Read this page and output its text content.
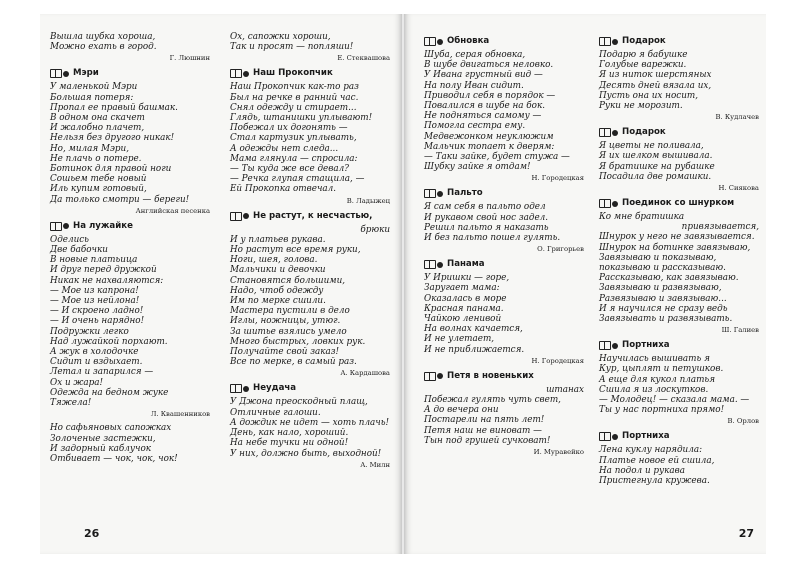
Вышла шубка хороша,
Можно ехать в город.
Г. Люшнин
Мэри
У маленькой Мэри
Большая потеря:
Пропал ее правый башмак.
В одном она скачет
И жалобно плачет,
Нельзя без другого никак!
Но, милая Мэри,
Не плачь о потере.
Ботинок для правой ноги
Сошьем тебе новый
Иль купим готовый,
Да только смотри — береги!
Английская песенка
На лужайке
Оделись
Две бабочки
В новые платьица
И друг перед дружкой
Никак не нахваляются:
— Мое из капрона!
— Мое из нейлона!
— И скроено ладно!
— И очень нарядно!
Подружки легко
Над лужайкой порхают.
А жук в холодочке
Сидит и вздыхает.
Летал и запарился —
Ох и жара!
Одежда на бедном жуке
Тяжела!
Л. Квашенников
Но сафьяновых сапожках
Золоченые застежки,
И задорный каблучок
Отбивает — чок, чок, чок!
Ох, сапожки хороши,
Так и просят — попляши!
Е. Стеквашова
Наш Прокопчик
Наш Прокопчик как-то раз
Был на речке в ранний час.
Снял одежду и стирает...
Глядь, штанишки уплывают!
Побежал их догонять —
Стал картузик уплывать,
А одежды нет следа...
Мама глянула — спросила:
— Ты куда же все девал?
— Речка глупая стащила, —
Ей Прокопка отвечал.
В. Ладыжец
Не растут, к несчастью,
брюки
И у платьев рукава.
Но растут все время руки,
Ноги, шея, голова.
Мальчики и девочки
Становятся большими,
Надо, чтоб одежду
Им по мерке сшили.
Мастера пустили в дело
Иглы, ножницы, утюг.
За шитье взялись умело
Много быстрых, ловких рук.
Получайте свой заказ!
Все по мерке, в самый раз.
А. Кардашова
Неудача
У Джона преоскодный плащ,
Отличные галоши.
А дождик не идет — хоть плачь!
День, как нало, хороший.
На небе тучки ни одной!
У них, должно быть, выходной!
А. Милн
26
Обновка
Шуба, серая обновка,
В шубе двигаться неловко.
У Ивана грустный вид —
На полу Иван сидит.
Приводил себя в порядок —
Повалился в шубе на бок.
Не подняться самому —
Помогла сестра ему.
Медвежонком неуклюжим
Мальчик топает к дверям:
— Таки зайке, будет стужа —
Шубку зайке я отдам!
Н. Городецкая
Пальто
Я сам себя в пальто одел
И рукавом свой нос задел.
Решил пальто я наказать
И без пальто пошел гулять.
О. Григорьев
Панама
У Иришки — горе,
Заругает мама:
Оказалась в море
Красная панама.
Чайкою ленивой
На волнах качается,
И не улетает,
И не приближается.
Н. Городецкая
Петя в новеньких
штанах
Побежал гулять чуть свет,
А до вечера они
Постарели на пять лет!
Петя наш не виноват —
Тын под грушей сучковат!
И. Муравейко
Подарок
Подарю я бабушке
Голубые варежки.
Я из ниток шерстяных
Десять дней вязала их,
Пусть она их носит,
Руки не морозит.
В. Кудлачев
Подарок
Я цветы не поливала,
Я их шелком вышивала.
Я братишке на рубашке
Посадила две ромашки.
Н. Сиякова
Поединок со шнурком
Ко мне братишка
привязывается,
Шнурок у него не завязывается.
Шнурок на ботинке завязываю,
Завязываю и показываю,
показываю и рассказываю.
Рассказываю, как завязываю.
Завязываю и развязываю,
Развязываю и завязываю...
И я научился не сразу ведь
Завязывать и развязывать.
Ш. Галиев
Портниха
Научилась вышивать я
Кур, цыплят и петушков.
А еще для кукол платья
Сшила я из лоскутков.
— Молодец! — сказала мама. —
Ты у нас портниха прямо!
В. Орлов
Портниха
Лена куклу нарядила:
Платье новое ей сшила,
На подол и рукава
Пристегнула кружева.
27
